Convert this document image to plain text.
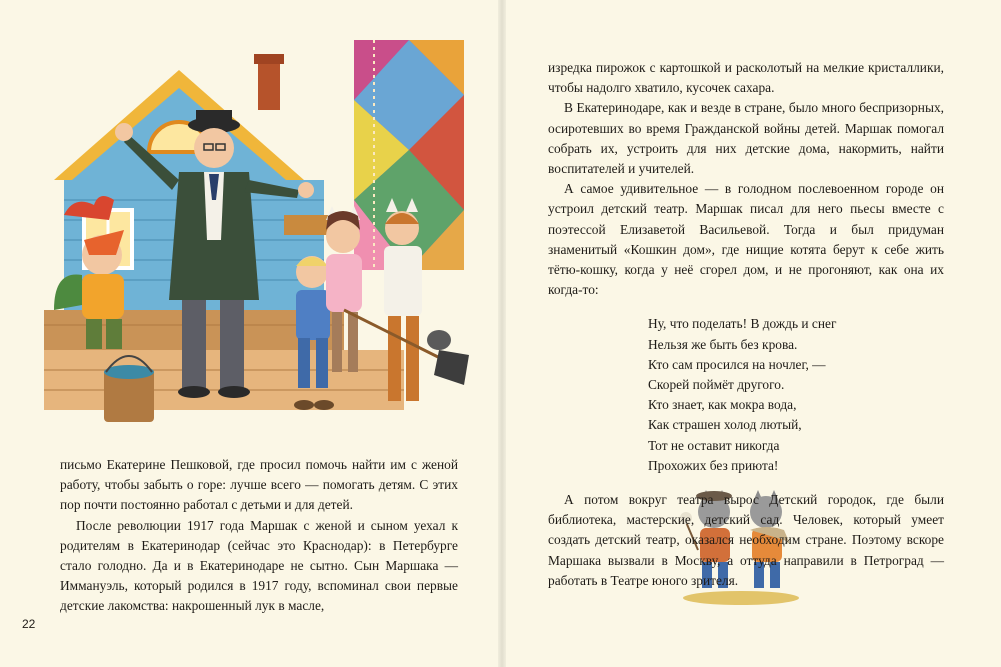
письмо Екатерине Пешковой, где просил помочь найти им с женой работу, чтобы забыть о горе: лучше всего — помогать детям. С этих пор почти постоянно работал с детьми и для детей.

После революции 1917 года Маршак с женой и сыном уехал к родителям в Екатеринодар (сейчас это Краснодар): в Петербурге стало голодно. Да и в Екатеринодаре не сытно. Сын Маршака — Иммануэль, который родился в 1917 году, вспоминал свои первые детские лакомства: накрошенный лук в масле,

изредка пирожок с картошкой и расколотый на мелкие кристаллики, чтобы надолго хватило, кусочек сахара.

В Екатеринодаре, как и везде в стране, было много беспризорных, осиротевших во время Гражданской войны детей. Маршак помогал собрать их, устроить для них детские дома, накормить, найти воспитателей и учителей.

А самое удивительное — в голодном послевоенном городе он устроил детский театр. Маршак писал для него пьесы вместе с поэтессой Елизаветой Васильевой. Тогда и был придуман знаменитый «Кошкин дом», где нищие котята берут к себе жить тётю-кошку, когда у неё сгорел дом, и не прогоняют, как она их когда-то:

Ну, что поделать! В дождь и снег
Нельзя же быть без крова.
Кто сам просился на ночлег, —
Скорей поймёт другого.
Кто знает, как мокра вода,
Как страшен холод лютый,
Тот не оставит никогда
Прохожих без приюта!

А потом вокруг театра вырос Детский городок, где были библиотека, мастерские, детский сад. Человек, который умеет создать детский театр, оказался необходим стране. Поэтому вскоре Маршака вызвали в Москву, а оттуда направили в Петроград — работать в Театре юного зрителя.

22
